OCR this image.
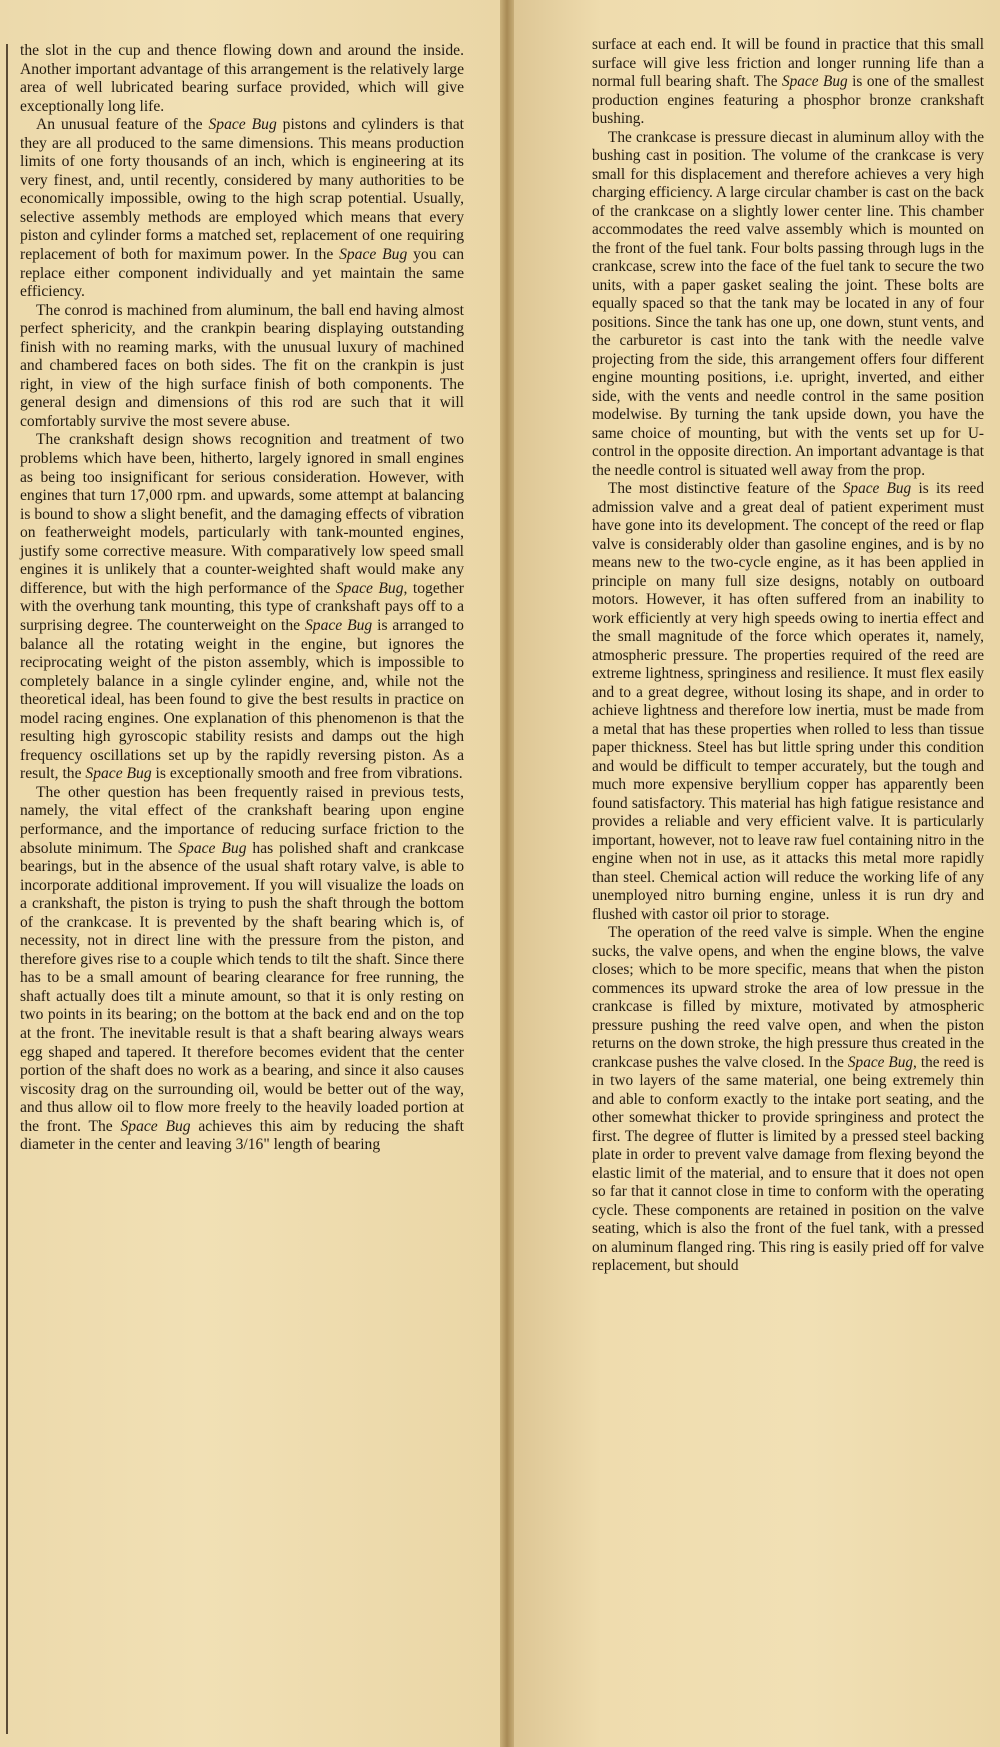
the slot in the cup and thence flowing down and around the inside. Another important advantage of this arrangement is the relatively large area of well lubricated bearing surface provided, which will give exceptionally long life.

An unusual feature of the Space Bug pistons and cylinders is that they are all produced to the same dimensions. This means production limits of one forty thousands of an inch, which is engineering at its very finest, and, until recently, considered by many authorities to be economically impossible, owing to the high scrap potential. Usually, selective assembly methods are employed which means that every piston and cylinder forms a matched set, replacement of one requiring replacement of both for maximum power. In the Space Bug you can replace either component individually and yet maintain the same efficiency.

The conrod is machined from aluminum, the ball end having almost perfect sphericity, and the crankpin bearing displaying outstanding finish with no reaming marks, with the unusual luxury of machined and chambered faces on both sides. The fit on the crankpin is just right, in view of the high surface finish of both components. The general design and dimensions of this rod are such that it will comfortably survive the most severe abuse.

The crankshaft design shows recognition and treatment of two problems which have been, hitherto, largely ignored in small engines as being too insignificant for serious consideration. However, with engines that turn 17,000 rpm. and upwards, some attempt at balancing is bound to show a slight benefit, and the damaging effects of vibration on featherweight models, particularly with tank-mounted engines, justify some corrective measure. With comparatively low speed small engines it is unlikely that a counter-weighted shaft would make any difference, but with the high performance of the Space Bug, together with the overhung tank mounting, this type of crankshaft pays off to a surprising degree. The counterweight on the Space Bug is arranged to balance all the rotating weight in the engine, but ignores the reciprocating weight of the piston assembly, which is impossible to completely balance in a single cylinder engine, and, while not the theoretical ideal, has been found to give the best results in practice on model racing engines. One explanation of this phenomenon is that the resulting high gyroscopic stability resists and damps out the high frequency oscillations set up by the rapidly reversing piston. As a result, the Space Bug is exceptionally smooth and free from vibrations.

The other question has been frequently raised in previous tests, namely, the vital effect of the crankshaft bearing upon engine performance, and the importance of reducing surface friction to the absolute minimum. The Space Bug has polished shaft and crankcase bearings, but in the absence of the usual shaft rotary valve, is able to incorporate additional improvement. If you will visualize the loads on a crankshaft, the piston is trying to push the shaft through the bottom of the crankcase. It is prevented by the shaft bearing which is, of necessity, not in direct line with the pressure from the piston, and therefore gives rise to a couple which tends to tilt the shaft. Since there has to be a small amount of bearing clearance for free running, the shaft actually does tilt a minute amount, so that it is only resting on two points in its bearing; on the bottom at the back end and on the top at the front. The inevitable result is that a shaft bearing always wears egg shaped and tapered. It therefore becomes evident that the center portion of the shaft does no work as a bearing, and since it also causes viscosity drag on the surrounding oil, would be better out of the way, and thus allow oil to flow more freely to the heavily loaded portion at the front. The Space Bug achieves this aim by reducing the shaft diameter in the center and leaving 3/16" length of bearing

surface at each end. It will be found in practice that this small surface will give less friction and longer running life than a normal full bearing shaft. The Space Bug is one of the smallest production engines featuring a phosphor bronze crankshaft bushing.

The crankcase is pressure diecast in aluminum alloy with the bushing cast in position. The volume of the crankcase is very small for this displacement and therefore achieves a very high charging efficiency. A large circular chamber is cast on the back of the crankcase on a slightly lower center line. This chamber accommodates the reed valve assembly which is mounted on the front of the fuel tank. Four bolts passing through lugs in the crankcase, screw into the face of the fuel tank to secure the two units, with a paper gasket sealing the joint. These bolts are equally spaced so that the tank may be located in any of four positions. Since the tank has one up, one down, stunt vents, and the carburetor is cast into the tank with the needle valve projecting from the side, this arrangement offers four different engine mounting positions, i.e. upright, inverted, and either side, with the vents and needle control in the same position modelwise. By turning the tank upside down, you have the same choice of mounting, but with the vents set up for U-control in the opposite direction. An important advantage is that the needle control is situated well away from the prop.

The most distinctive feature of the Space Bug is its reed admission valve and a great deal of patient experiment must have gone into its development. The concept of the reed or flap valve is considerably older than gasoline engines, and is by no means new to the two-cycle engine, as it has been applied in principle on many full size designs, notably on outboard motors. However, it has often suffered from an inability to work efficiently at very high speeds owing to inertia effect and the small magnitude of the force which operates it, namely, atmospheric pressure. The properties required of the reed are extreme lightness, springiness and resilience. It must flex easily and to a great degree, without losing its shape, and in order to achieve lightness and therefore low inertia, must be made from a metal that has these properties when rolled to less than tissue paper thickness. Steel has but little spring under this condition and would be difficult to temper accurately, but the tough and much more expensive beryllium copper has apparently been found satisfactory. This material has high fatigue resistance and provides a reliable and very efficient valve. It is particularly important, however, not to leave raw fuel containing nitro in the engine when not in use, as it attacks this metal more rapidly than steel. Chemical action will reduce the working life of any unemployed nitro burning engine, unless it is run dry and flushed with castor oil prior to storage.

The operation of the reed valve is simple. When the engine sucks, the valve opens, and when the engine blows, the valve closes; which to be more specific, means that when the piston commences its upward stroke the area of low pressue in the crankcase is filled by mixture, motivated by atmospheric pressure pushing the reed valve open, and when the piston returns on the down stroke, the high pressure thus created in the crankcase pushes the valve closed. In the Space Bug, the reed is in two layers of the same material, one being extremely thin and able to conform exactly to the intake port seating, and the other somewhat thicker to provide springiness and protect the first. The degree of flutter is limited by a pressed steel backing plate in order to prevent valve damage from flexing beyond the elastic limit of the material, and to ensure that it does not open so far that it cannot close in time to conform with the operating cycle. These components are retained in position on the valve seating, which is also the front of the fuel tank, with a pressed on aluminum flanged ring. This ring is easily pried off for valve replacement, but should
